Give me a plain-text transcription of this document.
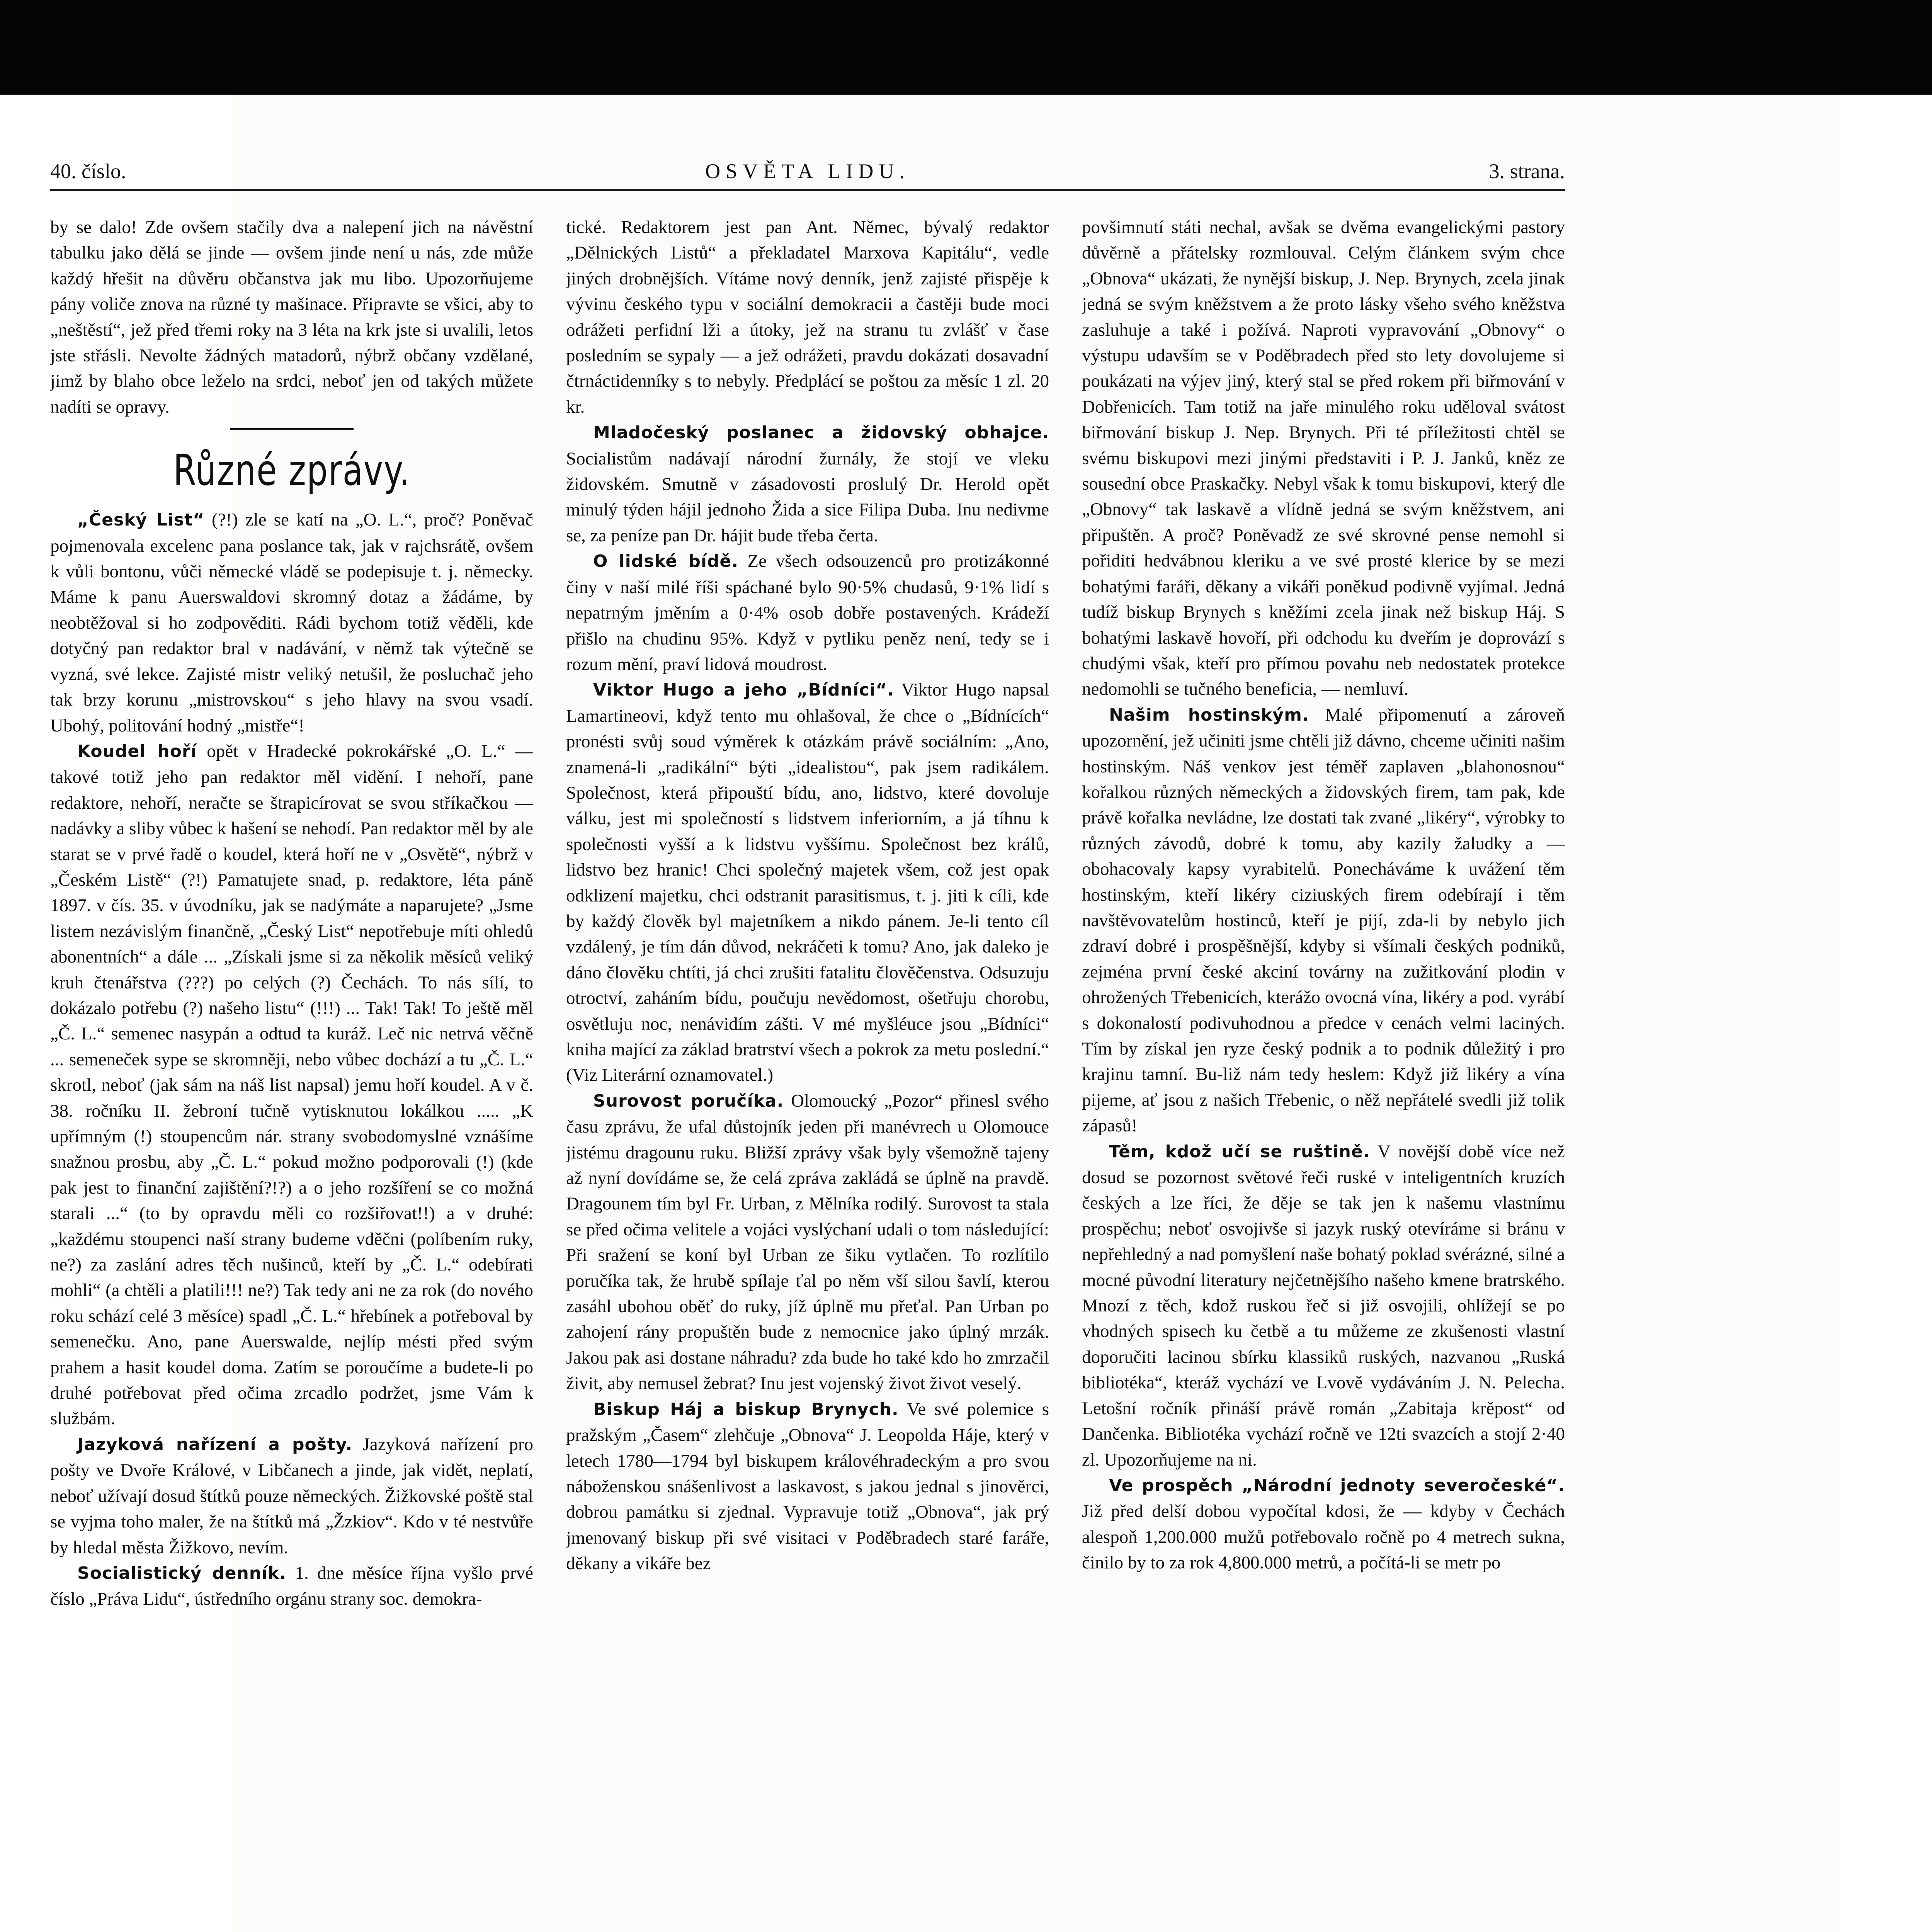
40. číslo.	OSVĚTA LIDU.	3. strana.

by se dalo! Zde ovšem stačily dva a nalepení jich na návěstní tabulku jako dělá se jinde — ovšem jinde není u nás, zde může každý hřešit na důvěru občanstva jak mu libo. Upozorňujeme pány voliče znova na různé ty mašinace. Připravte se všici, aby to „neštěstí“, jež před třemi roky na 3 léta na krk jste si uvalili, letos jste střásli. Nevolte žádných matadorů, nýbrž občany vzdělané, jimž by blaho obce leželo na srdci, neboť jen od takých můžete nadíti se opravy.

Různé zprávy.

„Český List“ (?!) zle se katí na „O. L.“, proč? Poněvač pojmenovala excelenc pana poslance tak, jak v rajchsrátě, ovšem k vůli bontonu, vůči německé vládě se podepisuje t. j. německy. Máme k panu Auerswaldovi skromný dotaz a žádáme, by neobtěžoval si ho zodpověditi. Rádi bychom totiž věděli, kde dotyčný pan redaktor bral v nadávání, v němž tak výtečně se vyzná, své lekce. Zajisté mistr veliký netušil, že posluchač jeho tak brzy korunu „mistrovskou“ s jeho hlavy na svou vsadí. Ubohý, politování hodný „mistře“!

Koudel hoří opět v Hradecké pokrokářské „O. L.“ — takové totiž jeho pan redaktor měl vidění. I nehoří, pane redaktore, nehoří, neračte se štrapicírovat se svou stříkačkou — nadávky a sliby vůbec k hašení se nehodí. Pan redaktor měl by ale starat se v prvé řadě o koudel, která hoří ne v „Osvětě“, nýbrž v „Českém Listě“ (?!) Pamatujete snad, p. redaktore, léta páně 1897. v čís. 35. v úvodníku, jak se nadýmáte a naparujete? „Jsme listem nezávislým finančně, „Český List“ nepotřebuje míti ohledů abonentních“ a dále ... „Získali jsme si za několik měsíců veliký kruh čtenářstva (???) po celých (?) Čechách. To nás sílí, to dokázalo potřebu (?) našeho listu“ (!!!) ... Tak! Tak! To ještě měl „Č. L.“ semenec nasypán a odtud ta kuráž. Leč nic netrvá věčně ... semeneček sype se skromněji, nebo vůbec dochází a tu „Č. L.“ skrotl, neboť (jak sám na náš list napsal) jemu hoří koudel. A v č. 38. ročníku II. žebroní tučně vytisknutou lokálkou ..... „K upřímným (!) stoupencům nár. strany svobodomyslné vznášíme snažnou prosbu, aby „Č. L.“ pokud možno podporovali (!) (kde pak jest to finanční zajištění?!?) a o jeho rozšíření se co možná starali ...“ (to by opravdu měli co rozšiřovat!!) a v druhé: „každému stoupenci naší strany budeme vděčni (políbením ruky, ne?) za zaslání adres těch nušinců, kteří by „Č. L.“ odebírati mohli“ (a chtěli a platili!!! ne?) Tak tedy ani ne za rok (do nového roku schází celé 3 měsíce) spadl „Č. L.“ hřebínek a potřeboval by semenečku. Ano, pane Auerswalde, nejlíp mésti před svým prahem a hasit koudel doma. Zatím se poroučíme a budete-li po druhé potřebovat před očima zrcadlo podržet, jsme Vám k službám.

Jazyková nařízení a pošty. Jazyková nařízení pro pošty ve Dvoře Králové, v Libčanech a jinde, jak vidět, neplatí, neboť užívají dosud štítků pouze německých. Žižkovské poště stal se vyjma toho maler, že na štítků má „Žzkiov“. Kdo v té nestvůře by hledal města Žižkovo, nevím.

Socialistický denník. 1. dne měsíce října vyšlo prvé číslo „Práva Lidu“, ústředního orgánu strany soc. demokra-

tické. Redaktorem jest pan Ant. Němec, bývalý redaktor „Dělnických Listů“ a překladatel Marxova Kapitálu“, vedle jiných drobnějších. Vítáme nový denník, jenž zajisté přispěje k vývinu českého typu v sociální demokracii a častěji bude moci odrážeti perfidní lži a útoky, jež na stranu tu zvlášť v čase posledním se sypaly — a jež odrážeti, pravdu dokázati dosavadní čtrnáctidenníky s to nebyly. Předplácí se poštou za měsíc 1 zl. 20 kr.

Mladočeský poslanec a židovský obhajce. Socialistům nadávají národní žurnály, že stojí ve vleku židovském. Smutně v zásadovosti proslulý Dr. Herold opět minulý týden hájil jednoho Žida a sice Filipa Duba. Inu nedivme se, za peníze pan Dr. hájit bude třeba čerta.

O lidské bídě. Ze všech odsouzenců pro protizákonné činy v naší milé říši spáchané bylo 90·5% chudasů, 9·1% lidí s nepatrným jměním a 0·4% osob dobře postavených. Krádeží přišlo na chudinu 95%. Když v pytliku peněz není, tedy se i rozum mění, praví lidová moudrost.

Viktor Hugo a jeho „Bídníci“. Viktor Hugo napsal Lamartineovi, když tento mu ohlašoval, že chce o „Bídnících“ pronésti svůj soud výměrek k otázkám právě sociálním: „Ano, znamená-li „radikální“ býti „idealistou“, pak jsem radikálem. Společnost, která připouští bídu, ano, lidstvo, které dovoluje válku, jest mi společností s lidstvem inferiorním, a já tíhnu k společnosti vyšší a k lidstvu vyššímu. Společnost bez králů, lidstvo bez hranic! Chci společný majetek všem, což jest opak odklizení majetku, chci odstranit parasitismus, t. j. jiti k cíli, kde by každý člověk byl majetníkem a nikdo pánem. Je-li tento cíl vzdálený, je tím dán důvod, nekráčeti k tomu? Ano, jak daleko je dáno člověku chtíti, já chci zrušiti fatalitu člověčenstva. Odsuzuju otroctví, zaháním bídu, poučuju nevědomost, ošetřuju chorobu, osvětluju noc, nenávidím zášti. V mé myšléuce jsou „Bídníci“ kniha mající za základ bratrství všech a pokrok za metu poslední.“ (Viz Literární oznamovatel.)

Surovost poručíka. Olomoucký „Pozor“ přinesl svého času zprávu, že ufal důstojník jeden při manévrech u Olomouce jistému dragounu ruku. Bližší zprávy však byly všemožně tajeny až nyní dovídáme se, že celá zpráva zakládá se úplně na pravdě. Dragounem tím byl Fr. Urban, z Mělníka rodilý. Surovost ta stala se před očima velitele a vojáci vyslýchaní udali o tom následující: Při sražení se koní byl Urban ze šiku vytlačen. To rozlítilo poručíka tak, že hrubě spílaje ťal po něm vší silou šavlí, kterou zasáhl ubohou oběť do ruky, jíž úplně mu přeťal. Pan Urban po zahojení rány propuštěn bude z nemocnice jako úplný mrzák. Jakou pak asi dostane náhradu? zda bude ho také kdo ho zmrzačil živit, aby nemusel žebrat? Inu jest vojenský život život veselý.

Biskup Háj a biskup Brynych. Ve své polemice s pražským „Časem“ zlehčuje „Obnova“ J. Leopolda Háje, který v letech 1780—1794 byl biskupem královéhradeckým a pro svou náboženskou snášenlivost a laskavost, s jakou jednal s jinověrci, dobrou památku si zjednal. Vypravuje totiž „Obnova“, jak prý jmenovaný biskup při své visitaci v Poděbradech staré faráře, děkany a vikáře bez

povšimnutí státi nechal, avšak se dvěma evangelickými pastory důvěrně a přátelsky rozmlouval. Celým článkem svým chce „Obnova“ ukázati, že nynější biskup, J. Nep. Brynych, zcela jinak jedná se svým kněžstvem a že proto lásky všeho svého kněžstva zasluhuje a také i požívá. Naproti vypravování „Obnovy“ o výstupu udavším se v Poděbradech před sto lety dovolujeme si poukázati na výjev jiný, který stal se před rokem při biřmování v Dobřenicích. Tam totiž na jaře minulého roku uděloval svátost biřmování biskup J. Nep. Brynych. Při té příležitosti chtěl se svému biskupovi mezi jinými představiti i P. J. Janků, kněz ze sousední obce Praskačky. Nebyl však k tomu biskupovi, který dle „Obnovy“ tak laskavě a vlídně jedná se svým kněžstvem, ani připuštěn. A proč? Poněvadž ze své skrovné pense nemohl si pořiditi hedvábnou kleriku a ve své prosté klerice by se mezi bohatými faráři, děkany a vikáři poněkud podivně vyjímal. Jedná tudíž biskup Brynych s kněžími zcela jinak než biskup Háj. S bohatými laskavě hovoří, při odchodu ku dveřím je doprovází s chudými však, kteří pro přímou povahu neb nedostatek protekce nedomohli se tučného beneficia, — nemluví.

Našim hostinským. Malé připomenutí a zároveň upozornění, jež učiniti jsme chtěli již dávno, chceme učiniti našim hostinským. Náš venkov jest téměř zaplaven „blahonosnou“ kořalkou různých německých a židovských firem, tam pak, kde právě kořalka nevládne, lze dostati tak zvané „likéry“, výrobky to různých závodů, dobré k tomu, aby kazily žaludky a — obohacovaly kapsy vyrabitelů. Ponecháváme k uvážení těm hostinským, kteří likéry ciziuských firem odebírají i těm navštěvovatelům hostinců, kteří je pijí, zda-li by nebylo jich zdraví dobré i prospěšnější, kdyby si všímali českých podniků, zejména první české akciní továrny na zužitkování plodin v ohrožených Třebenicích, kterážo ovocná vína, likéry a pod. vyrábí s dokonalostí podivuhodnou a předce v cenách velmi laciných. Tím by získal jen ryze český podnik a to podnik důležitý i pro krajinu tamní. Bu-liž nám tedy heslem: Když již likéry a vína pijeme, ať jsou z našich Třebenic, o něž nepřátelé svedli již tolik zápasů!

Těm, kdož učí se ruštině. V novější době více než dosud se pozornost světové řeči ruské v inteligentních kruzích českých a lze říci, že děje se tak jen k našemu vlastnímu prospěchu; neboť osvojivše si jazyk ruský otevíráme si bránu v nepřehledný a nad pomyšlení naše bohatý poklad svérázné, silné a mocné původní literatury nejčetnějšího našeho kmene bratrského. Mnozí z těch, kdož ruskou řeč si již osvojili, ohlížejí se po vhodných spisech ku četbě a tu můžeme ze zkušenosti vlastní doporučiti lacinou sbírku klassiků ruských, nazvanou „Ruská bibliotéka“, kteráž vychází ve Lvově vydáváním J. N. Pelecha. Letošní ročník přináší právě román „Zabitaja krěpost“ od Dančenka. Bibliotéka vychází ročně ve 12ti svazcích a stojí 2·40 zl. Upozorňujeme na ni.

Ve prospěch „Národní jednoty severočeské“. Již před delší dobou vypočítal kdosi, že — kdyby v Čechách alespoň 1,200.000 mužů potřebovalo ročně po 4 metrech sukna, činilo by to za rok 4,800.000 metrů, a počítá-li se metr po
